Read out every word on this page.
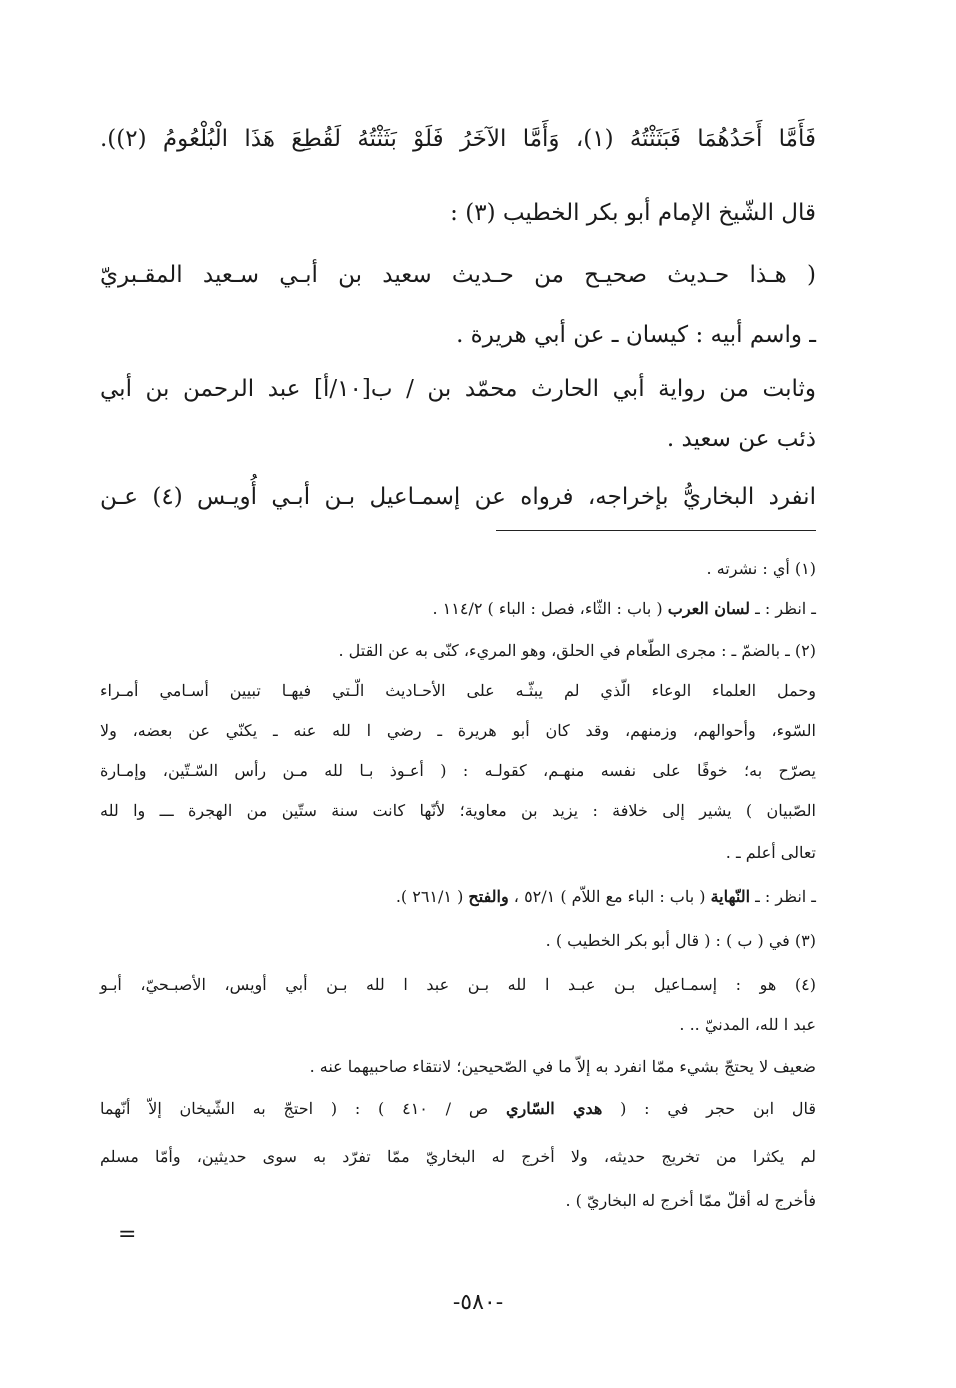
فَأَمَّا أَحَدُهُمَا فَبَثَثْتُهُ (١)، وَأَمَّا الآخَرُ فَلَوْ بَثَثْتُهُ لَقُطِعَ هَذَا الْبُلْعُومُ (٢)).
قال الشّيخ الإمام أبو بكر الخطيب (٣) :
( هـذا حـديث صحيـح من حـديث سعيد بن أبـي سـعيد المقـبريّ
ـ واسم أبيه : كيسان ـ عن أبي هريرة .
وثابت من رواية أبي الحارث محمّد بن / ب[١٠/أ] عبد الرحمن بن أبي
ذئب عن سعيد .
انفرد البخاريُّ بإخراجه، فرواه عن إسمـاعيل بـن أبـي أُويـس (٤) عـن
(١) أي : نشرته .
ـ انظر : ـ لسان العرب ( باب : الثّاء، فصل : الباء ) ١١٤/٢ .
(٢) ـ بالضمّ ـ : مجرى الطّعام في الحلق، وهو المريء، كنّى به عن القتل .
وحمل العلماء الوعاء الّذي لم يبثّـه على الأحـاديث الّـتي فيهـا تبيين أسـامي أمـراء
السّوء، وأحوالهم، وزمنهم، وقد كان أبو هريرة ـ رضي ا لله عنه ـ يكنّي عن بعضه، ولا
يصرّح به؛ خوفًا على نفسه منهـم، كقولـه : ( أعـوذ بـا لله مـن رأس السّـتّين، وإمـارة
الصّبيان ) يشير إلى خلافة : يزيد بن معاوية؛ لأنّها كانت سنة ستّين من الهجرة ـــ وا لله
تعالى أعلم ـ .
ـ انظر : ـ النّهاية ( باب : الباء مع اللاّم ) ٥٢/١ ، والفتح ( ٢٦١/١ ).
(٣) في ( ب ) : ( قال أبو بكر الخطيب ) .
(٤) هو : إسمـاعيل بـن عبـد ا لله بـن عبد ا لله بـن أبي أويس، الأصبـحيّ، أبـو
عبد ا لله، المدنيّ .. .
ضعيف لا يحتجّ بشيء ممّا انفرد به إلاّ ما في الصّحيحين؛ لانتقاء صاحبيهما عنه .
قال ابن حجر في : ( هدي السّاري ص / ٤١٠ ) : ( احتجّ به الشّيخان إلاّ أنّهما
لم يكثرا من تخريج حديثه، ولا أخرج له البخاريّ ممّا تفرّد به سوى حديثين، وأمّا مسلم
فأخرج له أقلّ ممّا أخرج له البخاريّ ) .
=
-٥٨٠-
